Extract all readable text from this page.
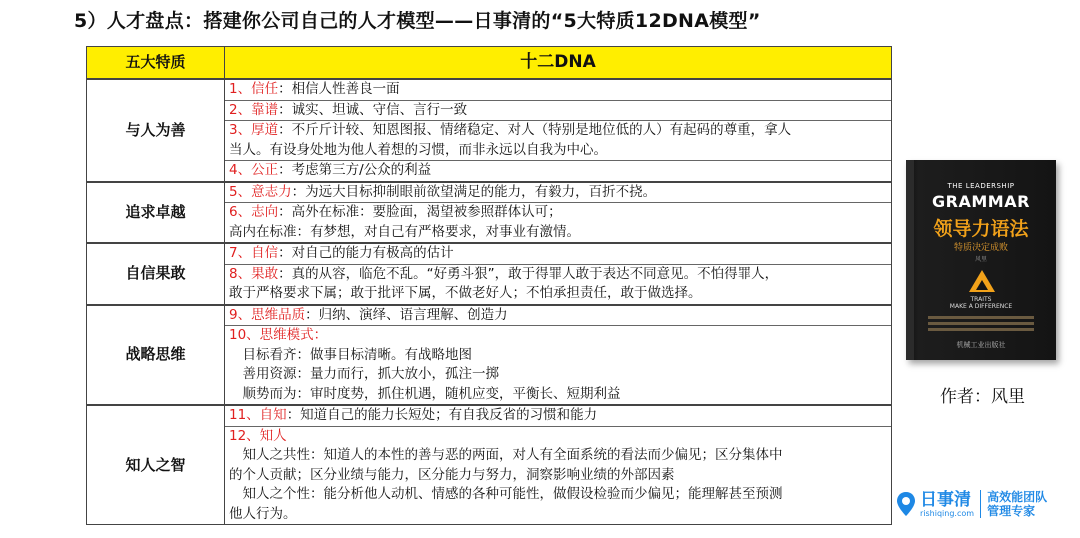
5）人才盘点：搭建你公司自己的人才模型——日事清的“5大特质12DNA模型”
五大特质	十二DNA
与人为善
1、信任：相信人性善良一面
2、靠谱：诚实、坦诚、守信、言行一致
3、厚道：不斤斤计较、知恩图报、情绪稳定、对人（特别是地位低的人）有起码的尊重，拿人
当人。有设身处地为他人着想的习惯，而非永远以自我为中心。
4、公正：考虑第三方/公众的利益
追求卓越
5、意志力：为远大目标抑制眼前欲望满足的能力，有毅力，百折不挠。
6、志向：高外在标准：要脸面，渴望被参照群体认可；
高内在标准：有梦想，对自己有严格要求，对事业有激情。
自信果敢
7、自信：对自己的能力有极高的估计
8、果敢：真的从容，临危不乱。“好勇斗狠”，敢于得罪人敢于表达不同意见。不怕得罪人，
敢于严格要求下属；敢于批评下属，不做老好人；不怕承担责任，敢于做选择。
战略思维
9、思维品质：归纳、演绎、语言理解、创造力
10、思维模式：
　目标看齐：做事目标清晰。有战略地图
　善用资源：量力而行，抓大放小，孤注一掷
　顺势而为：审时度势，抓住机遇，随机应变，平衡长、短期利益
知人之智
11、自知：知道自己的能力长短处；有自我反省的习惯和能力
12、知人
　知人之共性：知道人的本性的善与恶的两面，对人有全面系统的看法而少偏见；区分集体中
的个人贡献；区分业绩与能力，区分能力与努力，洞察影响业绩的外部因素
　知人之个性：能分析他人动机、情感的各种可能性，做假设检验而少偏见；能理解甚至预测
他人行为。
THE LEADERSHIP
GRAMMAR
领导力语法
特质决定成败
风里
TRAITS
MAKE A DIFFERENCE
机械工业出版社
作者：风里
日事清
rishiqing.com
高效能团队
管理专家
